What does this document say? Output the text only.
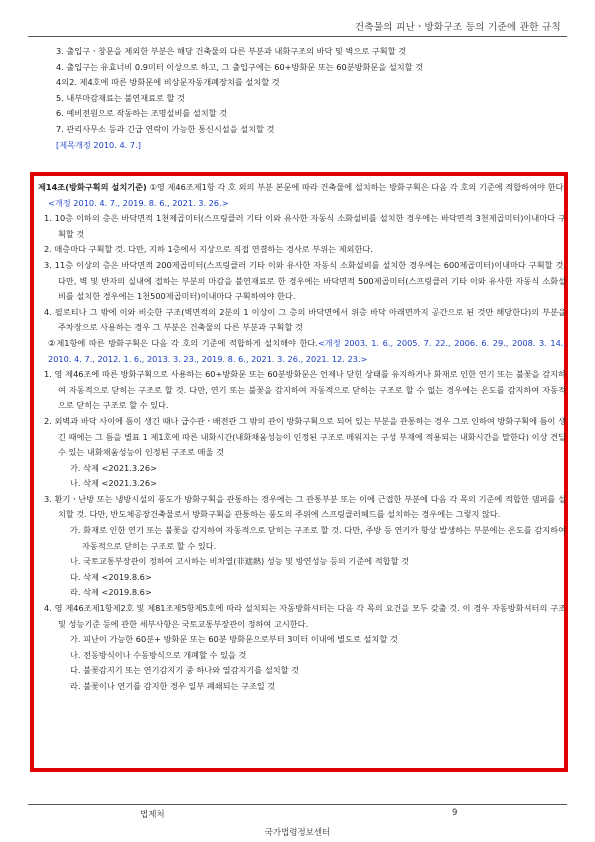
건축물의 피난ㆍ방화구조 등의 기준에 관한 규칙
3. 출입구ㆍ창문을 제외한 부분은 해당 건축물의 다른 부분과 내화구조의 바닥 및 벽으로 구획할 것
4. 출입구는 유효너비 0.9미터 이상으로 하고, 그 출입구에는 60+방화문 또는 60분방화문을 설치할 것
4의2. 제4호에 따른 방화문에 비상문자동개폐장치를 설치할 것
5. 내부마감재료는 불연재료로 할 것
6. 예비전원으로 작동하는 조명설비를 설치할 것
7. 관리사무소 등과 긴급 연락이 가능한 통신시설을 설치할 것
[제목개정 2010. 4. 7.]

제14조(방화구획의 설치기준) ①영 제46조제1항 각 호 외의 부분 본문에 따라 건축물에 설치하는 방화구획은 다음 각 호의 기준에 적합하여야 한다. <개정 2010. 4. 7., 2019. 8. 6., 2021. 3. 26.>

1. 10층 이하의 층은 바닥면적 1천제곱미터(스프링클러 기타 이와 유사한 자동식 소화설비를 설치한 경우에는 바닥면적 3천제곱미터)이내마다 구획할 것

2. 매층마다 구획할 것. 다만, 지하 1층에서 지상으로 직접 연결하는 경사로 부위는 제외한다.

3. 11층 이상의 층은 바닥면적 200제곱미터(스프링클러 기타 이와 유사한 자동식 소화설비를 설치한 경우에는 600제곱미터)이내마다 구획할 것. 다만, 벽 및 반자의 실내에 접하는 부분의 마감을 불연재료로 한 경우에는 바닥면적 500제곱미터(스프링클러 기타 이와 유사한 자동식 소화설비를 설치한 경우에는 1천500제곱미터)이내마다 구획하여야 한다.

4. 필로티나 그 밖에 이와 비슷한 구조(벽면적의 2분의 1 이상이 그 층의 바닥면에서 위층 바닥 아래면까지 공간으로 된 것만 해당한다)의 부분을 주차장으로 사용하는 경우 그 부분은 건축물의 다른 부분과 구획할 것

②제1항에 따른 방화구획은 다음 각 호의 기준에 적합하게 설치해야 한다.<개정 2003. 1. 6., 2005. 7. 22., 2006. 6. 29., 2008. 3. 14., 2010. 4. 7., 2012. 1. 6., 2013. 3. 23., 2019. 8. 6., 2021. 3. 26., 2021. 12. 23.>

1. 영 제46조에 따른 방화구획으로 사용하는 60+방화문 또는 60분방화문은 언제나 닫힌 상태를 유지하거나 화재로 인한 연기 또는 불꽃을 감지하여 자동적으로 닫히는 구조로 할 것. 다만, 연기 또는 불꽃을 감지하여 자동적으로 닫히는 구조로 할 수 없는 경우에는 온도를 감지하여 자동적으로 닫히는 구조로 할 수 있다.

2. 외벽과 바닥 사이에 틈이 생긴 때나 급수관ㆍ배전관 그 밖의 관이 방화구획으로 되어 있는 부분을 관통하는 경우 그로 인하여 방화구획에 틈이 생긴 때에는 그 틈을 별표 1 제1호에 따른 내화시간(내화채움성능이 인정된 구조로 메워지는 구성 부재에 적용되는 내화시간을 말한다) 이상 견딜 수 있는 내화채움성능이 인정된 구조로 메울 것

가. 삭제 <2021.3.26>

나. 삭제 <2021.3.26>

3. 환기ㆍ난방 또는 냉방시설의 풍도가 방화구획을 관통하는 경우에는 그 관통부분 또는 이에 근접한 부분에 다음 각 목의 기준에 적합한 댐퍼를 설치할 것. 다만, 반도체공장건축물로서 방화구획을 관통하는 풍도의 주위에 스프링클러헤드를 설치하는 경우에는 그렇지 않다.

가. 화재로 인한 연기 또는 불꽃을 감지하여 자동적으로 닫히는 구조로 할 것. 다만, 주방 등 연기가 항상 발생하는 부분에는 온도를 감지하여 자동적으로 닫히는 구조로 할 수 있다.

나. 국토교통부장관이 정하여 고시하는 비차열(非遮熱) 성능 및 방연성능 등의 기준에 적합할 것

다. 삭제 <2019.8.6>

라. 삭제 <2019.8.6>

4. 영 제46조제1항제2호 및 제81조제5항제5호에 따라 설치되는 자동방화셔터는 다음 각 목의 요건을 모두 갖출 것. 이 경우 자동방화셔터의 구조 및 성능기준 등에 관한 세부사항은 국토교통부장관이 정하여 고시한다.

가. 피난이 가능한 60분+ 방화문 또는 60분 방화문으로부터 3미터 이내에 별도로 설치할 것

나. 전동방식이나 수동방식으로 개폐할 수 있을 것

다. 불꽃감지기 또는 연기감지기 중 하나와 열감지기를 설치할 것

라. 불꽃이나 연기를 감지한 경우 일부 폐쇄되는 구조일 것

법제처	9
국가법령정보센터
